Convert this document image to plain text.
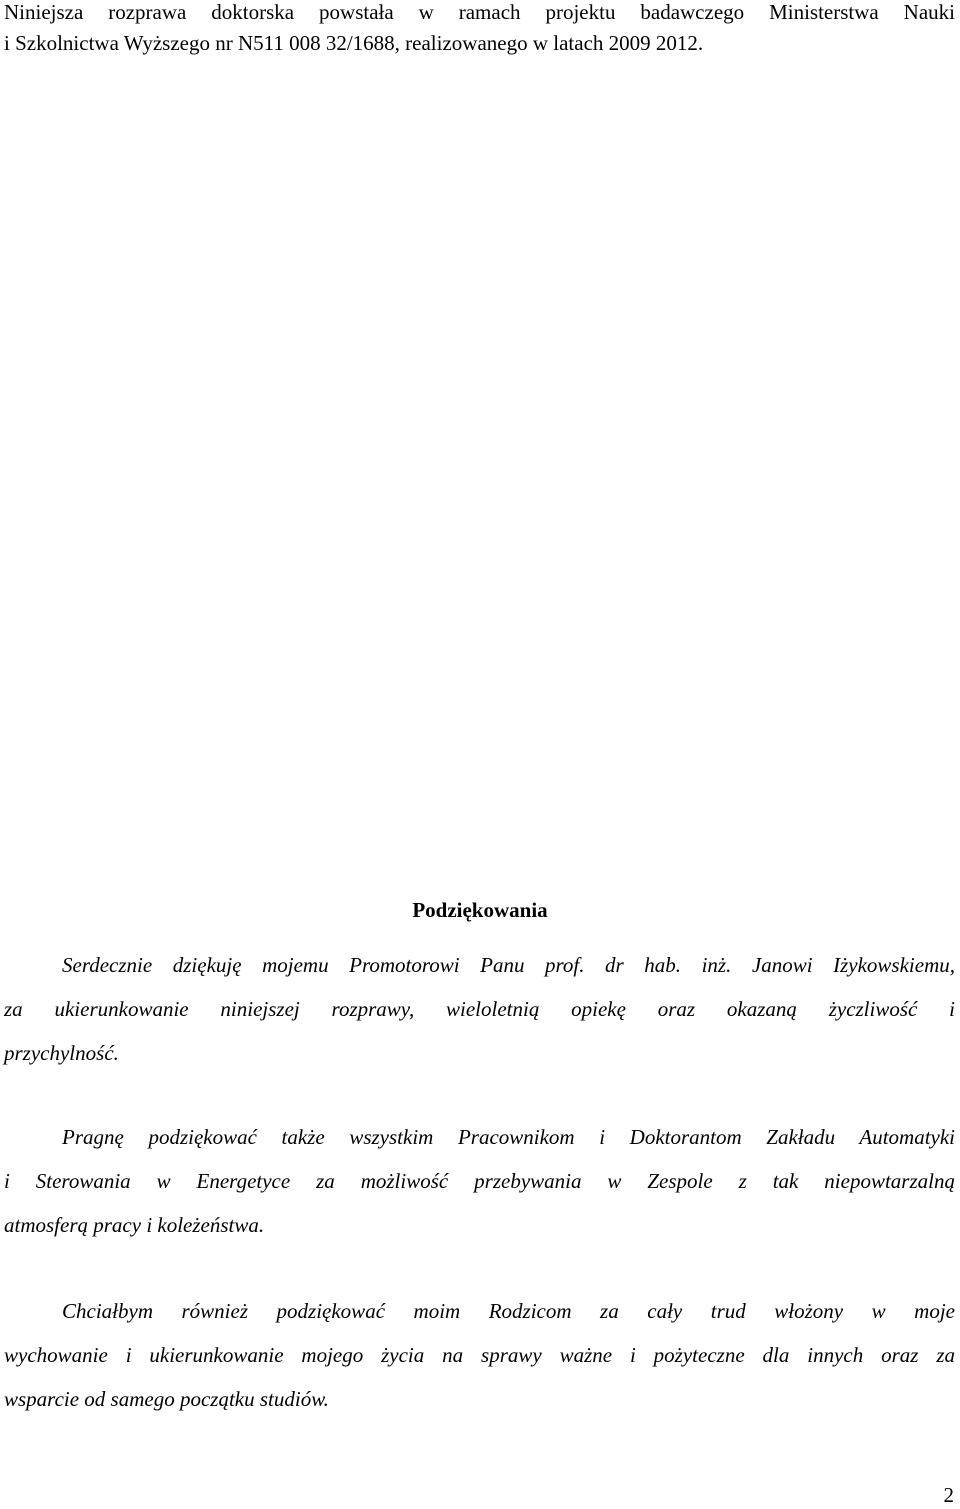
Niniejsza rozprawa doktorska powstała w ramach projektu badawczego Ministerstwa Nauki
i Szkolnictwa Wyższego nr N511 008 32/1688, realizowanego w latach 2009 2012.
Podziękowania
Serdecznie dziękuję mojemu Promotorowi Panu prof. dr hab. inż. Janowi Iżykowskiemu,
za ukierunkowanie niniejszej rozprawy, wieloletnią opiekę oraz okazaną życzliwość i
przychylność.
Pragnę podziękować także wszystkim Pracownikom i Doktorantom Zakładu Automatyki
i Sterowania w Energetyce za możliwość przebywania w Zespole z tak niepowtarzalną
atmosferą pracy i koleżeństwa.
Chciałbym również podziękować moim Rodzicom za cały trud włożony w moje
wychowanie i ukierunkowanie mojego życia na sprawy ważne i pożyteczne dla innych oraz za
wsparcie od samego początku studiów.
2
